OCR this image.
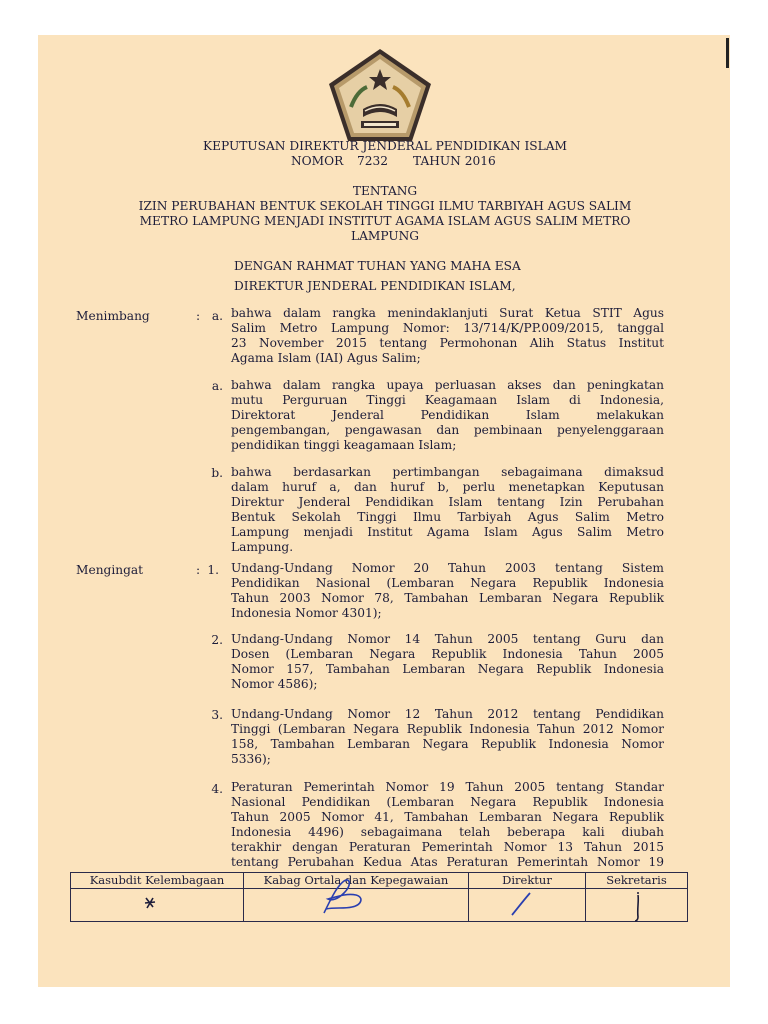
KEPUTUSAN DIREKTUR JENDERAL PENDIDIKAN ISLAM
NOMOR 7232 TAHUN 2016
TENTANG
IZIN PERUBAHAN BENTUK SEKOLAH TINGGI ILMU TARBIYAH AGUS SALIM
METRO LAMPUNG MENJADI INSTITUT AGAMA ISLAM AGUS SALIM METRO
LAMPUNG
DENGAN RAHMAT TUHAN YANG MAHA ESA
DIREKTUR JENDERAL PENDIDIKAN ISLAM,
Menimbang	: a. bahwa dalam rangka menindaklanjuti Surat Ketua STIT Agus
Salim Metro Lampung Nomor: 13/714/K/PP.009/2015, tanggal
23 November 2015 tentang Permohonan Alih Status Institut
Agama Islam (IAI) Agus Salim;
a. bahwa dalam rangka upaya perluasan akses dan peningkatan
mutu Perguruan Tinggi Keagamaan Islam di Indonesia,
Direktorat Jenderal Pendidikan Islam melakukan
pengembangan, pengawasan dan pembinaan penyelenggaraan
pendidikan tinggi keagamaan Islam;
b. bahwa berdasarkan pertimbangan sebagaimana dimaksud
dalam huruf a, dan huruf b, perlu menetapkan Keputusan
Direktur Jenderal Pendidikan Islam tentang Izin Perubahan
Bentuk Sekolah Tinggi Ilmu Tarbiyah Agus Salim Metro
Lampung menjadi Institut Agama Islam Agus Salim Metro
Lampung.
Mengingat	: 1. Undang-Undang Nomor 20 Tahun 2003 tentang Sistem
Pendidikan Nasional (Lembaran Negara Republik Indonesia
Tahun 2003 Nomor 78, Tambahan Lembaran Negara Republik
Indonesia Nomor 4301);
2. Undang-Undang Nomor 14 Tahun 2005 tentang Guru dan
Dosen (Lembaran Negara Republik Indonesia Tahun 2005
Nomor 157, Tambahan Lembaran Negara Republik Indonesia
Nomor 4586);
3. Undang-Undang Nomor 12 Tahun 2012 tentang Pendidikan
Tinggi (Lembaran Negara Republik Indonesia Tahun 2012 Nomor
158, Tambahan Lembaran Negara Republik Indonesia Nomor
5336);
4. Peraturan Pemerintah Nomor 19 Tahun 2005 tentang Standar
Nasional Pendidikan (Lembaran Negara Republik Indonesia
Tahun 2005 Nomor 41, Tambahan Lembaran Negara Republik
Indonesia 4496) sebagaimana telah beberapa kali diubah
terakhir dengan Peraturan Pemerintah Nomor 13 Tahun 2015
tentang Perubahan Kedua Atas Peraturan Pemerintah Nomor 19
Kasubdit Kelembagaan	Kabag Ortala dan Kepegawaian	Direktur	Sekretaris
